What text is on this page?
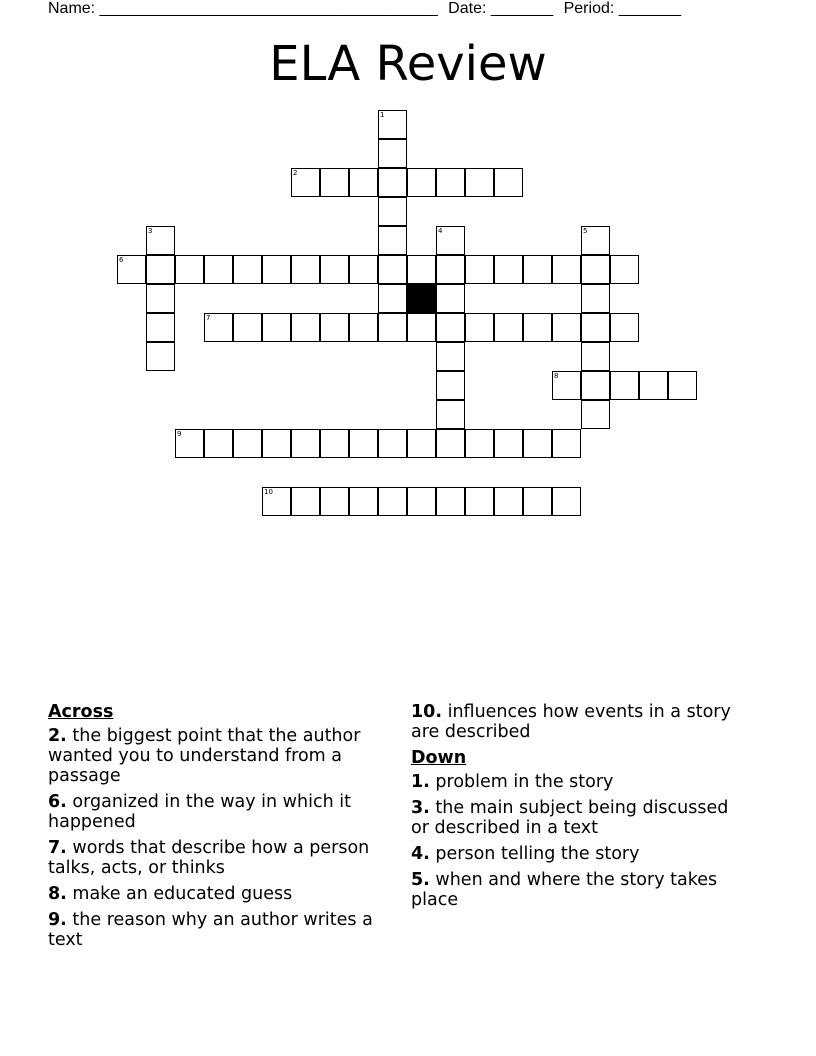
Name: ______________________________________ Date: _______ Period: _______
ELA Review
1
2
3	4	5
6
7
8
9
10
Across
2. the biggest point that the author wanted you to understand from a passage
6. organized in the way in which it happened
7. words that describe how a person talks, acts, or thinks
8. make an educated guess
9. the reason why an author writes a text
10. influences how events in a story are described
Down
1. problem in the story
3. the main subject being discussed or described in a text
4. person telling the story
5. when and where the story takes place
